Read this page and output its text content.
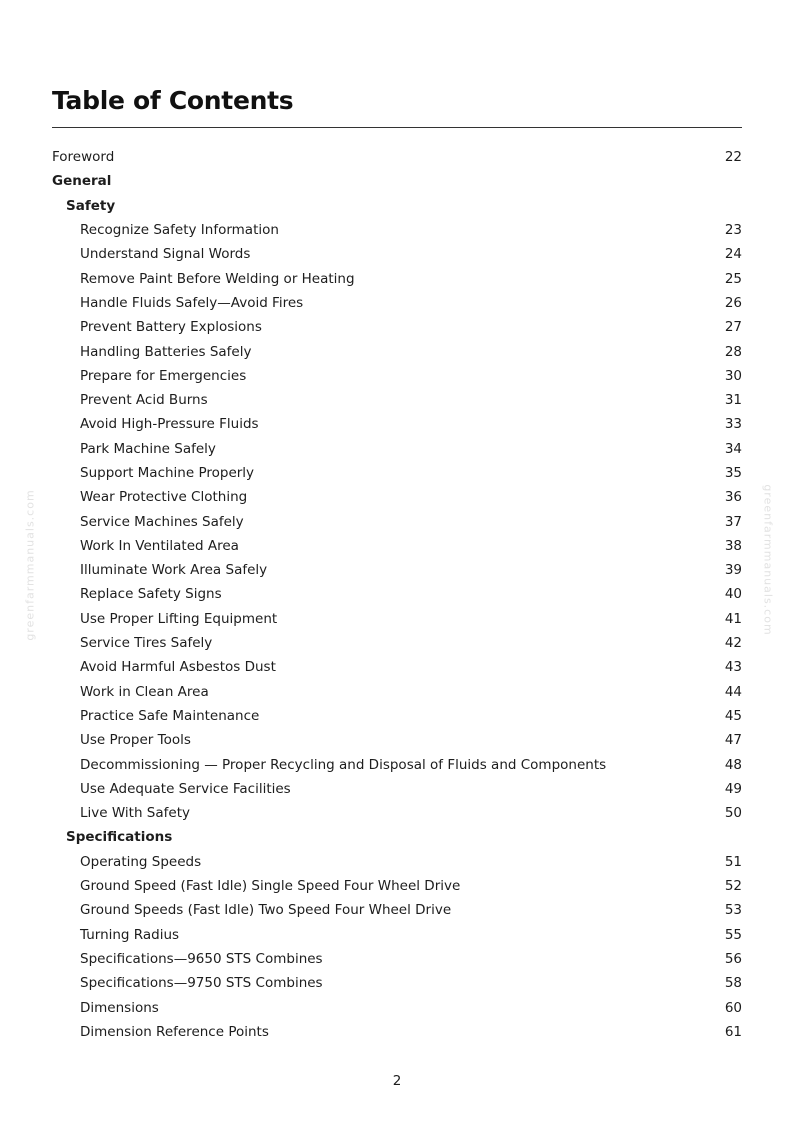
Table of Contents
Foreword	22
General
Safety
Recognize Safety Information	23
Understand Signal Words	24
Remove Paint Before Welding or Heating	25
Handle Fluids Safely—Avoid Fires	26
Prevent Battery Explosions	27
Handling Batteries Safely	28
Prepare for Emergencies	30
Prevent Acid Burns	31
Avoid High-Pressure Fluids	33
Park Machine Safely	34
Support Machine Properly	35
Wear Protective Clothing	36
Service Machines Safely	37
Work In Ventilated Area	38
Illuminate Work Area Safely	39
Replace Safety Signs	40
Use Proper Lifting Equipment	41
Service Tires Safely	42
Avoid Harmful Asbestos Dust	43
Work in Clean Area	44
Practice Safe Maintenance	45
Use Proper Tools	47
Decommissioning — Proper Recycling and Disposal of Fluids and Components	48
Use Adequate Service Facilities	49
Live With Safety	50
Specifications
Operating Speeds	51
Ground Speed (Fast Idle) Single Speed Four Wheel Drive	52
Ground Speeds (Fast Idle) Two Speed Four Wheel Drive	53
Turning Radius	55
Specifications—9650 STS Combines	56
Specifications—9750 STS Combines	58
Dimensions	60
Dimension Reference Points	61
greenfarmmanuals.com	greenfarmmanuals.com
2
